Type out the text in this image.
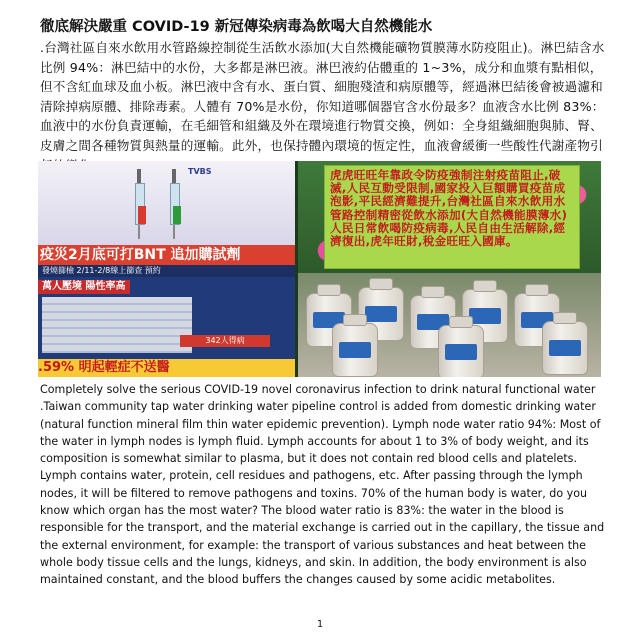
徹底解決嚴重 COVID-19 新冠傳染病毒為飲喝大自然機能水
.台灣社區自來水飲用水管路線控制從生活飲水添加(大自然機能礦物質膜薄水防疫阻止)。淋巴結含水比例 94%：淋巴結中的水份，大多都是淋巴液。淋巴液約佔體重的 1~3%，成分和血漿有點相似，但不含紅血球及血小板。淋巴液中含有水、蛋白質、細胞殘渣和病原體等，經過淋巴結後會被過濾和清除掉病原體、排除毒素。人體有 70%是水份，你知道哪個器官含水份最多？血液含水比例 83%：血液中的水份負責運輸，在毛細管和組織及外在環境進行物質交換，例如：全身組織細胞與肺、腎、皮膚之間各種物質與熱量的運輸。此外，也保持體內環境的恆定性，血液會緩衝一些酸性代謝產物引
TVBS
疫災2月底可打BNT 追加購試劑
發燒篩檢 2/11-2/8線上篩查 預約
萬人壓境 陽性率高
342人得病
.59% 明起輕症不送醫
虎虎旺旺年靠政令防疫強制注射疫苗阻止,破滅,人民互動受限制,國家投入巨額購買疫苗成泡影,平民經濟難提升,台灣社區自來水飲用水管路控制精密從飲水添加(大自然機能膜薄水)人民日常飲喝防疫病毒,人民自由生活解除,經濟復出,虎年旺財,稅金旺旺入國庫。

Completely solve the serious COVID-19 novel coronavirus infection to drink natural functional water

.Taiwan community tap water drinking water pipeline control is added from domestic drinking water (natural function mineral film thin water epidemic prevention). Lymph node water ratio 94%: Most of the water in lymph nodes is lymph fluid. Lymph accounts for about 1 to 3% of body weight, and its composition is somewhat similar to plasma, but it does not contain red blood cells and platelets. Lymph contains water, protein, cell residues and pathogens, etc. After passing through the lymph nodes, it will be filtered to remove pathogens and toxins. 70% of the human body is water, do you know which organ has the most water? The blood water ratio is 83%: the water in the blood is responsible for the transport, and the material exchange is carried out in the capillary, the tissue and the external environment, for example: the transport of various substances and heat between the whole body tissue cells and the lungs, kidneys, and skin. In addition, the body environment is also maintained constant, and the blood buffers the changes caused by some acidic metabolites.

1
